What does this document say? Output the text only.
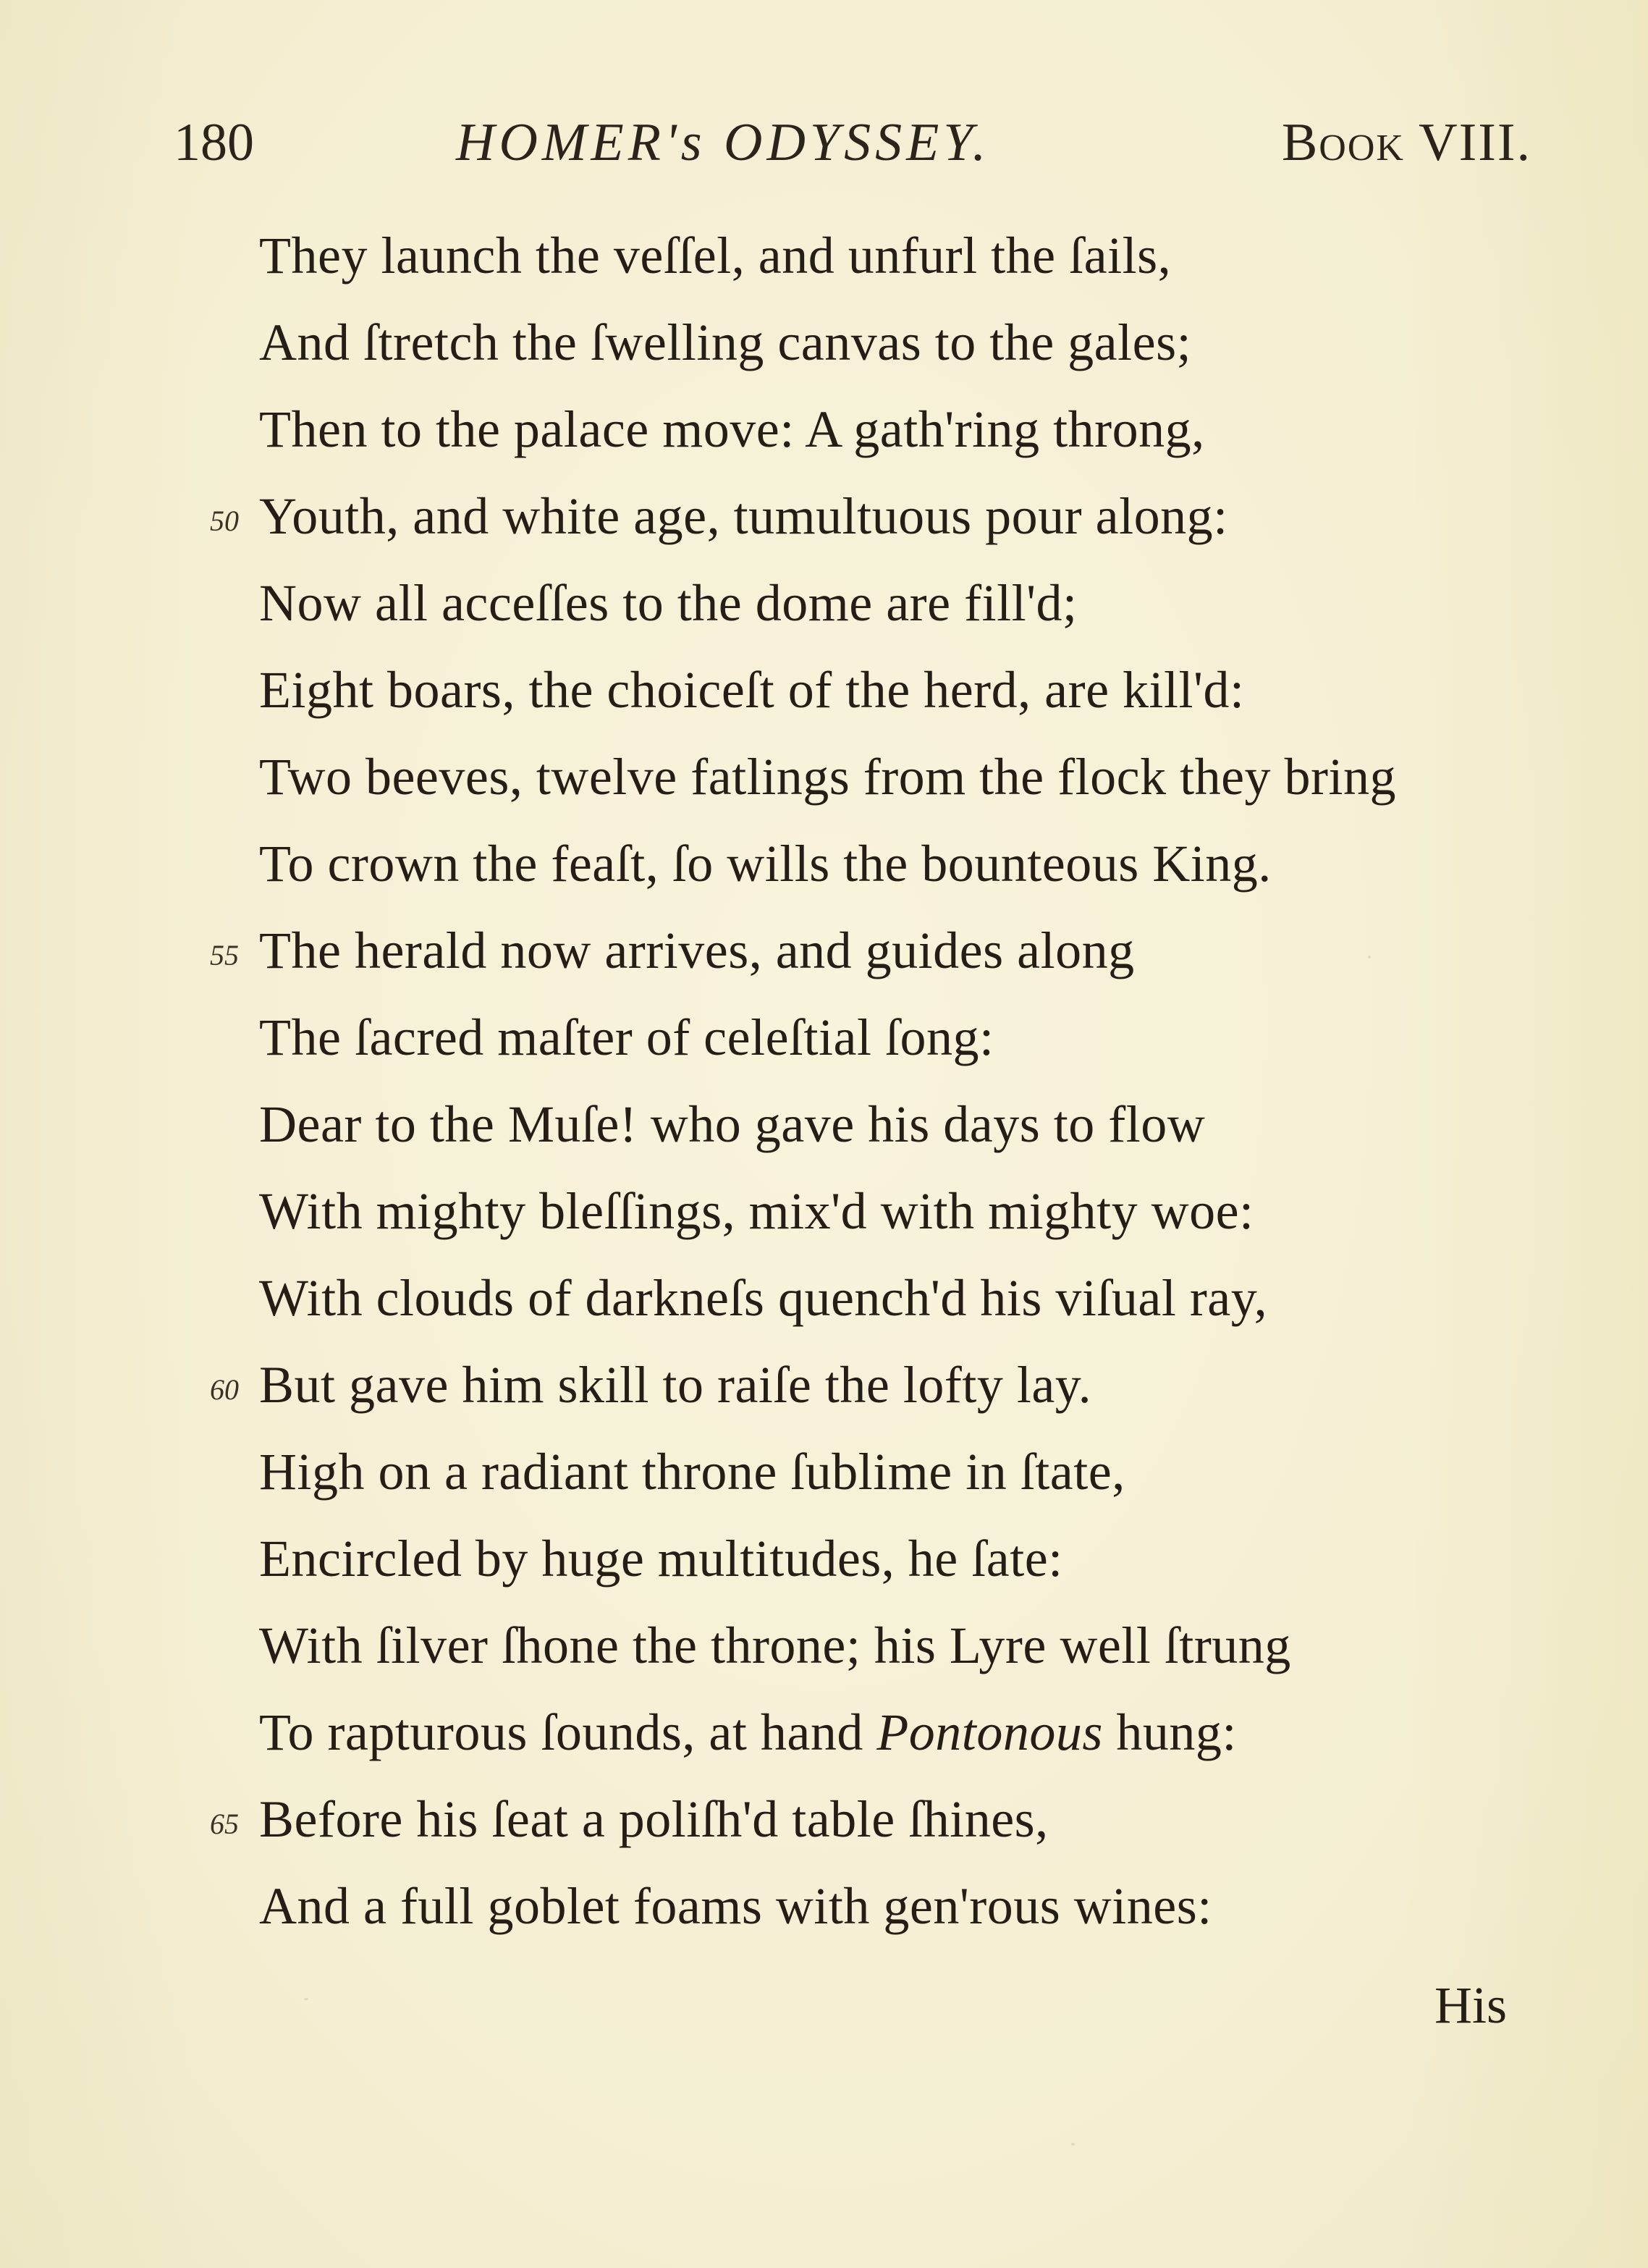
180	HOMER's ODYSSEY.	Book VIII.
They launch the veſſel, and unfurl the ſails,
And ſtretch the ſwelling canvas to the gales;
Then to the palace move: A gath'ring throng,
50 Youth, and white age, tumultuous pour along:
Now all acceſſes to the dome are fill'd;
Eight boars, the choiceſt of the herd, are kill'd:
Two beeves, twelve fatlings from the flock they bring
To crown the feaſt, ſo wills the bounteous King.
55 The herald now arrives, and guides along
The ſacred maſter of celeſtial ſong:
Dear to the Muſe! who gave his days to flow
With mighty bleſſings, mix'd with mighty woe:
With clouds of darkneſs quench'd his viſual ray,
60 But gave him skill to raiſe the lofty lay.
High on a radiant throne ſublime in ſtate,
Encircled by huge multitudes, he ſate:
With ſilver ſhone the throne; his Lyre well ſtrung
To rapturous ſounds, at hand Pontonous hung:
65 Before his ſeat a poliſh'd table ſhines,
And a full goblet foams with gen'rous wines:
His
